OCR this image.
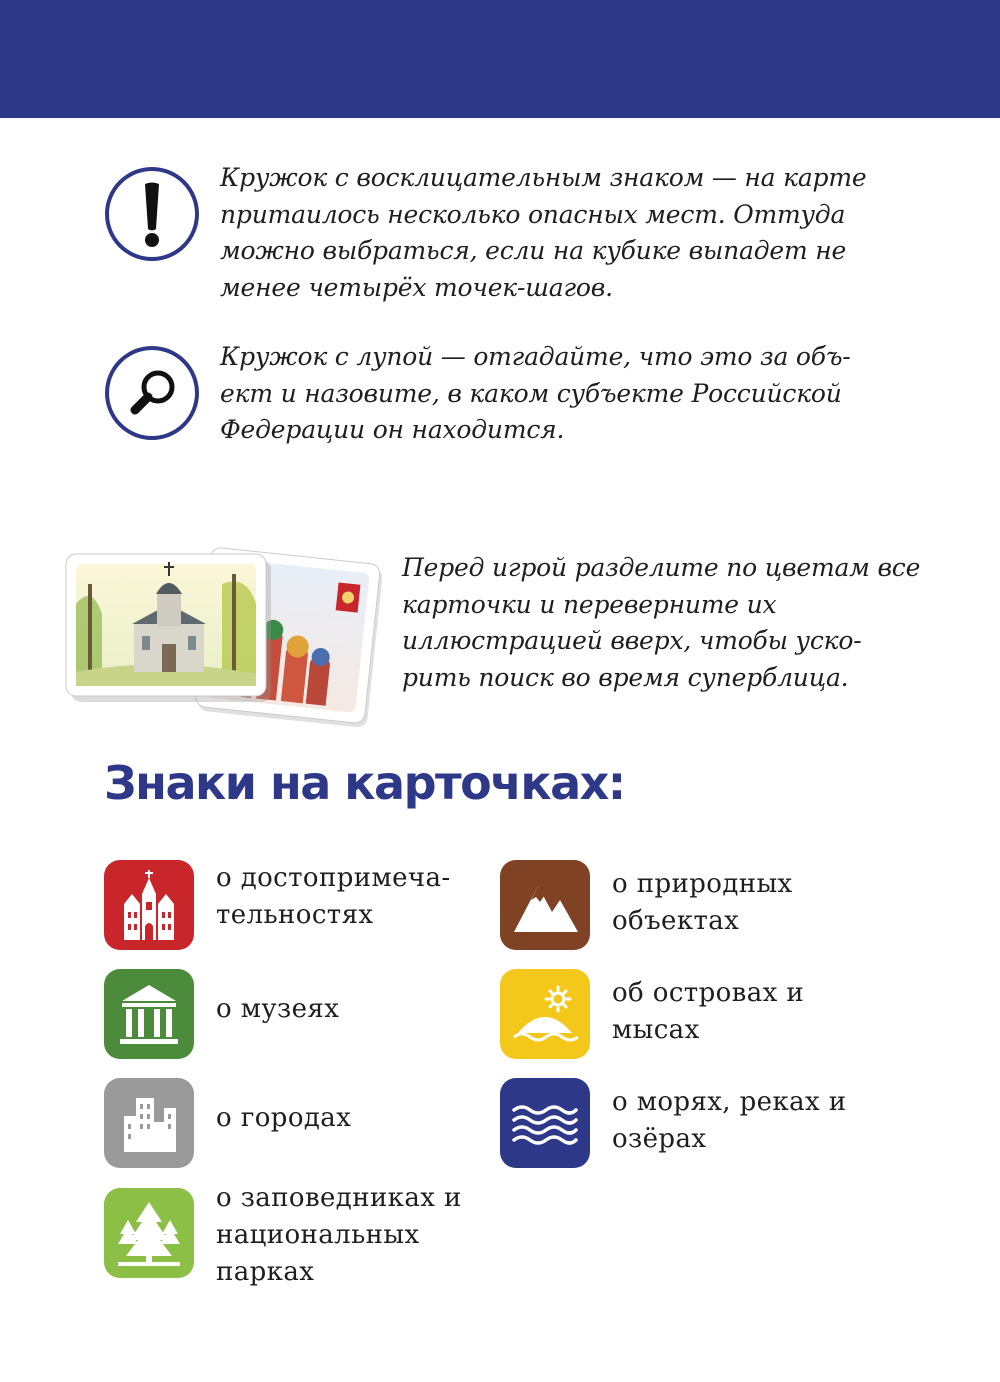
Кружок с восклицательным знаком — на карте притаилось несколько опасных мест. Оттуда можно выбраться, если на кубике выпадет не менее четырёх точек-шагов.
Кружок с лупой — отгадайте, что это за объ-ект и назовите, в каком субъекте Российской Федерации он находится.
Перед игрой разделите по цветам все карточки и переверните их иллюстрацией вверх, чтобы уско-рить поиск во время суперблица.
Знаки на карточках:
о достопримеча-тельностях
о музеях
о городах
о заповедниках и национальных парках
о природных объектах
об островах и мысах
о морях, реках и озёрах
